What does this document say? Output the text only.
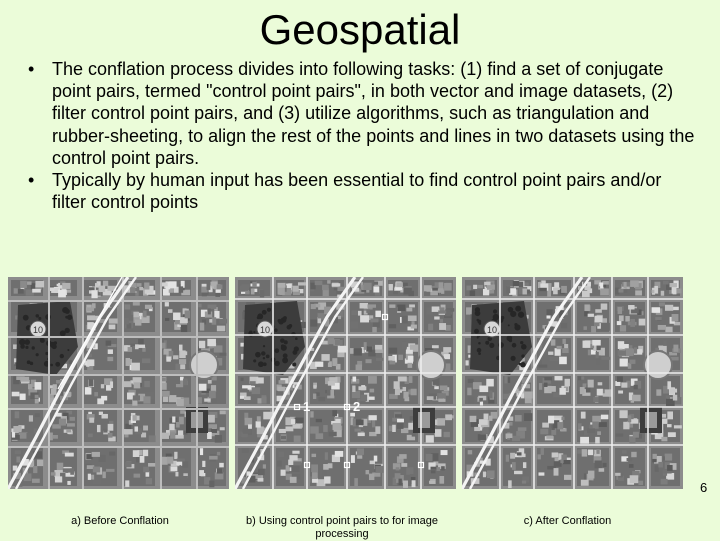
Geospatial
• The conflation process divides into following tasks: (1) find a set of conjugate point pairs, termed "control point pairs", in both vector and image datasets, (2) filter control point pairs, and (3) utilize algorithms, such as triangulation and rubber-sheeting, to align the rest of the points and lines in two datasets using the control point pairs.
• Typically by human input has been essential to find control point pairs and/or filter control points
10	10
1	2
10
a) Before Conflation	b) Using control point pairs to for image processing
c) After Conflation
6
